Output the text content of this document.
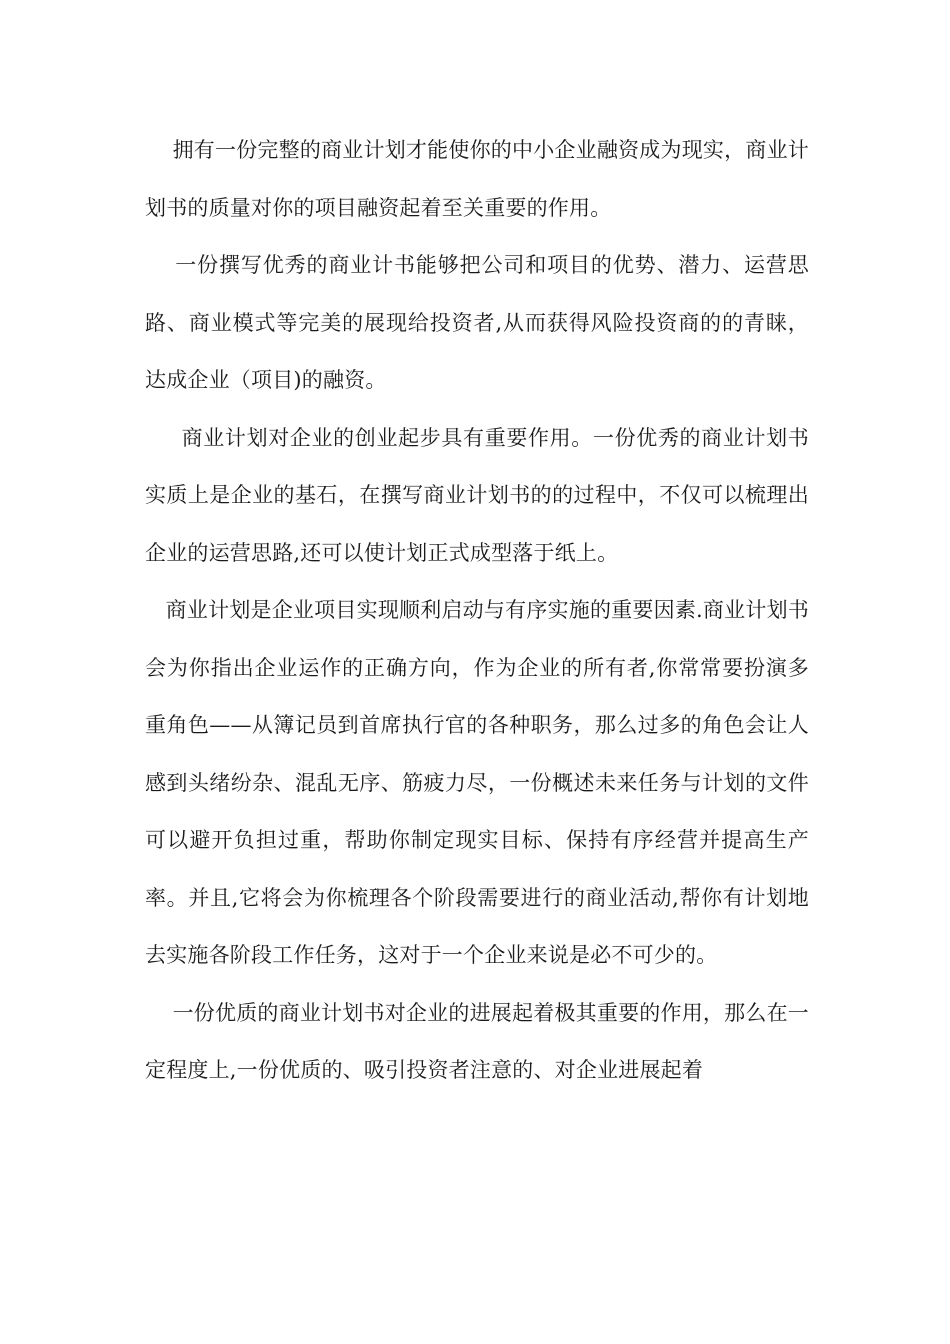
拥有一份完整的商业计划才能使你的中小企业融资成为现实，商业计划书的质量对你的项目融资起着至关重要的作用。

一份撰写优秀的商业计书能够把公司和项目的优势、潜力、运营思路、商业模式等完美的展现给投资者,从而获得风险投资商的的青睐，达成企业（项目)的融资。

商业计划对企业的创业起步具有重要作用。一份优秀的商业计划书实质上是企业的基石，在撰写商业计划书的的过程中，不仅可以梳理出企业的运营思路,还可以使计划正式成型落于纸上。

商业计划是企业项目实现顺利启动与有序实施的重要因素.商业计划书会为你指出企业运作的正确方向，作为企业的所有者,你常常要扮演多重角色——从簿记员到首席执行官的各种职务，那么过多的角色会让人感到头绪纷杂、混乱无序、筋疲力尽，一份概述未来任务与计划的文件可以避开负担过重，帮助你制定现实目标、保持有序经营并提高生产率。并且,它将会为你梳理各个阶段需要进行的商业活动,帮你有计划地去实施各阶段工作任务，这对于一个企业来说是必不可少的。

一份优质的商业计划书对企业的进展起着极其重要的作用，那么在一定程度上,一份优质的、吸引投资者注意的、对企业进展起着
